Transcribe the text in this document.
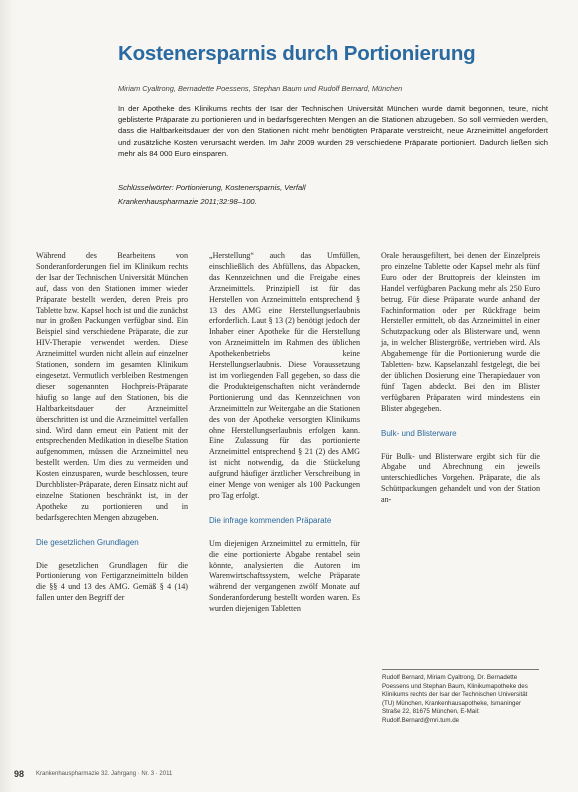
Kostenersparnis durch Portionierung
Miriam Cyaltrong, Bernadette Poessens, Stephan Baum und Rudolf Bernard, München
In der Apotheke des Klinikums rechts der Isar der Technischen Universität München wurde damit begonnen, teure, nicht geblisterte Präparate zu portionieren und in bedarfsgerechten Mengen an die Stationen abzugeben. So soll vermieden werden, dass die Haltbarkeitsdauer der von den Stationen nicht mehr benötigten Präparate verstreicht, neue Arzneimittel angefordert und zusätzliche Kosten verursacht werden. Im Jahr 2009 wurden 29 verschiedene Präparate portioniert. Dadurch ließen sich mehr als 84 000 Euro einsparen.
Schlüsselwörter: Portionierung, Kostenersparnis, Verfall
Krankenhauspharmazie 2011;32:98–100.

Während des Bearbeitens von Sonderanforderungen fiel im Klinikum rechts der Isar der Technischen Universität München auf, dass von den Stationen immer wieder Präparate bestellt werden, deren Preis pro Tablette bzw. Kapsel hoch ist und die zunächst nur in großen Packungen verfügbar sind. Ein Beispiel sind verschiedene Präparate, die zur HIV-Therapie verwendet werden. Diese Arzneimittel wurden nicht allein auf einzelner Stationen, sondern im gesamten Klinikum eingesetzt. Vermutlich verbleiben Restmengen dieser sogenannten Hochpreis-Präparate häufig so lange auf den Stationen, bis die Haltbarkeitsdauer der Arzneimittel überschritten ist und die Arzneimittel verfallen sind. Wird dann erneut ein Patient mit der entsprechenden Medikation in dieselbe Station aufgenommen, müssen die Arzneimittel neu bestellt werden. Um dies zu vermeiden und Kosten einzusparen, wurde beschlossen, teure Durchblister-Präparate, deren Einsatz nicht auf einzelne Stationen beschränkt ist, in der Apotheke zu portionieren und in bedarfsgerechten Mengen abzugeben.

Die gesetzlichen Grundlagen

Die gesetzlichen Grundlagen für die Portionierung von Fertigarzneimitteln bilden die §§ 4 und 13 des AMG. Gemäß § 4 (14) fallen unter den Begriff der

„Herstellung“ auch das Umfüllen, einschließlich des Abfüllens, das Abpacken, das Kennzeichnen und die Freigabe eines Arzneimittels. Prinzipiell ist für das Herstellen von Arzneimitteln entsprechend § 13 des AMG eine Herstellungserlaubnis erforderlich. Laut § 13 (2) benötigt jedoch der Inhaber einer Apotheke für die Herstellung von Arzneimitteln im Rahmen des üblichen Apothekenbetriebs keine Herstellungserlaubnis. Diese Voraussetzung ist im vorliegenden Fall gegeben, so dass die die Produkteigenschaften nicht verändernde Portionierung und das Kennzeichnen von Arzneimitteln zur Weitergabe an die Stationen des von der Apotheke versorgten Klinikums ohne Herstellungserlaubnis erfolgen kann. Eine Zulassung für das portionierte Arzneimittel entsprechend § 21 (2) des AMG ist nicht notwendig, da die Stückelung aufgrund häufiger ärztlicher Verschreibung in einer Menge von weniger als 100 Packungen pro Tag erfolgt.

Die infrage kommenden Präparate

Um diejenigen Arzneimittel zu ermitteln, für die eine portionierte Abgabe rentabel sein könnte, analysierten die Autoren im Warenwirtschaftssystem, welche Präparate während der vergangenen zwölf Monate auf Sonderanforderung bestellt worden waren. Es wurden diejenigen Tabletten

Orale herausgefiltert, bei denen der Einzelpreis pro einzelne Tablette oder Kapsel mehr als fünf Euro oder der Bruttopreis der kleinsten im Handel verfügbaren Packung mehr als 250 Euro betrug. Für diese Präparate wurde anhand der Fachinformation oder per Rückfrage beim Hersteller ermittelt, ob das Arzneimittel in einer Schutzpackung oder als Blisterware und, wenn ja, in welcher Blistergröße, vertrieben wird. Als Abgabemenge für die Portionierung wurde die Tabletten- bzw. Kapselanzahl festgelegt, die bei der üblichen Dosierung eine Therapiedauer von fünf Tagen abdeckt. Bei den im Blister verfügbaren Präparaten wird mindestens ein Blister abgegeben.

Bulk- und Blisterware

Für Bulk- und Blisterware ergibt sich für die Abgabe und Abrechnung ein jeweils unterschiedliches Vorgehen. Präparate, die als Schüttpackungen gehandelt und von der Station an-

Rudolf Bernard, Miriam Cyaltrong, Dr. Bernadette Poessens und Stephan Baum, Klinikumapotheke des Klinikums rechts der Isar der Technischen Universität (TU) München, Krankenhausapotheke, Ismaninger Straße 22, 81675 München, E-Mail: Rudolf.Bernard@mri.tum.de
98 Krankenhauspharmazie 32. Jahrgang · Nr. 3 · 2011
